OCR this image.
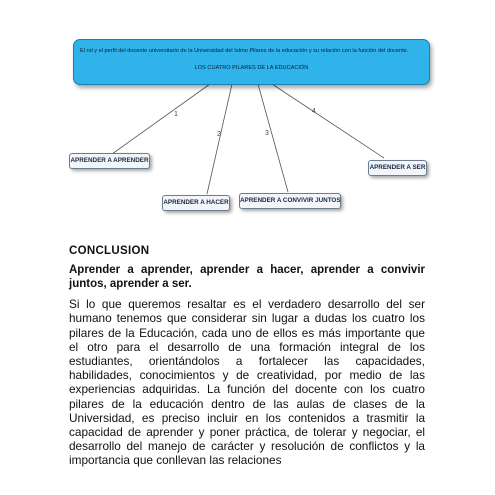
1
2	3
4
El rol y el perfil del docente universitario de la Universidad del Istmo Pilares de la educación y su relación con la función del docente.
LOS CUATRO PILARES DE LA EDUCACIÓN
APRENDER A APRENDER
APRENDER A HACER APRENDER A CONVIVIR JUNTOS
APRENDER A SER
CONCLUSION
Aprender a aprender, aprender a hacer, aprender a convivir juntos, aprender a ser.

Si lo que queremos resaltar es el verdadero desarrollo del ser humano tenemos que considerar sin lugar a dudas los cuatro los pilares de la Educación, cada uno de ellos es más importante que el otro para el desarrollo de una formación integral de los estudiantes, orientándolos a fortalecer las capacidades, habilidades, conocimientos y de creatividad, por medio de las experiencias adquiridas. La función del docente con los cuatro pilares de la educación dentro de las aulas de clases de la Universidad, es preciso incluir en los contenidos a trasmitir la capacidad de aprender y poner práctica, de tolerar y negociar, el desarrollo del manejo de carácter y resolución de conflictos y la importancia que conllevan las relaciones
